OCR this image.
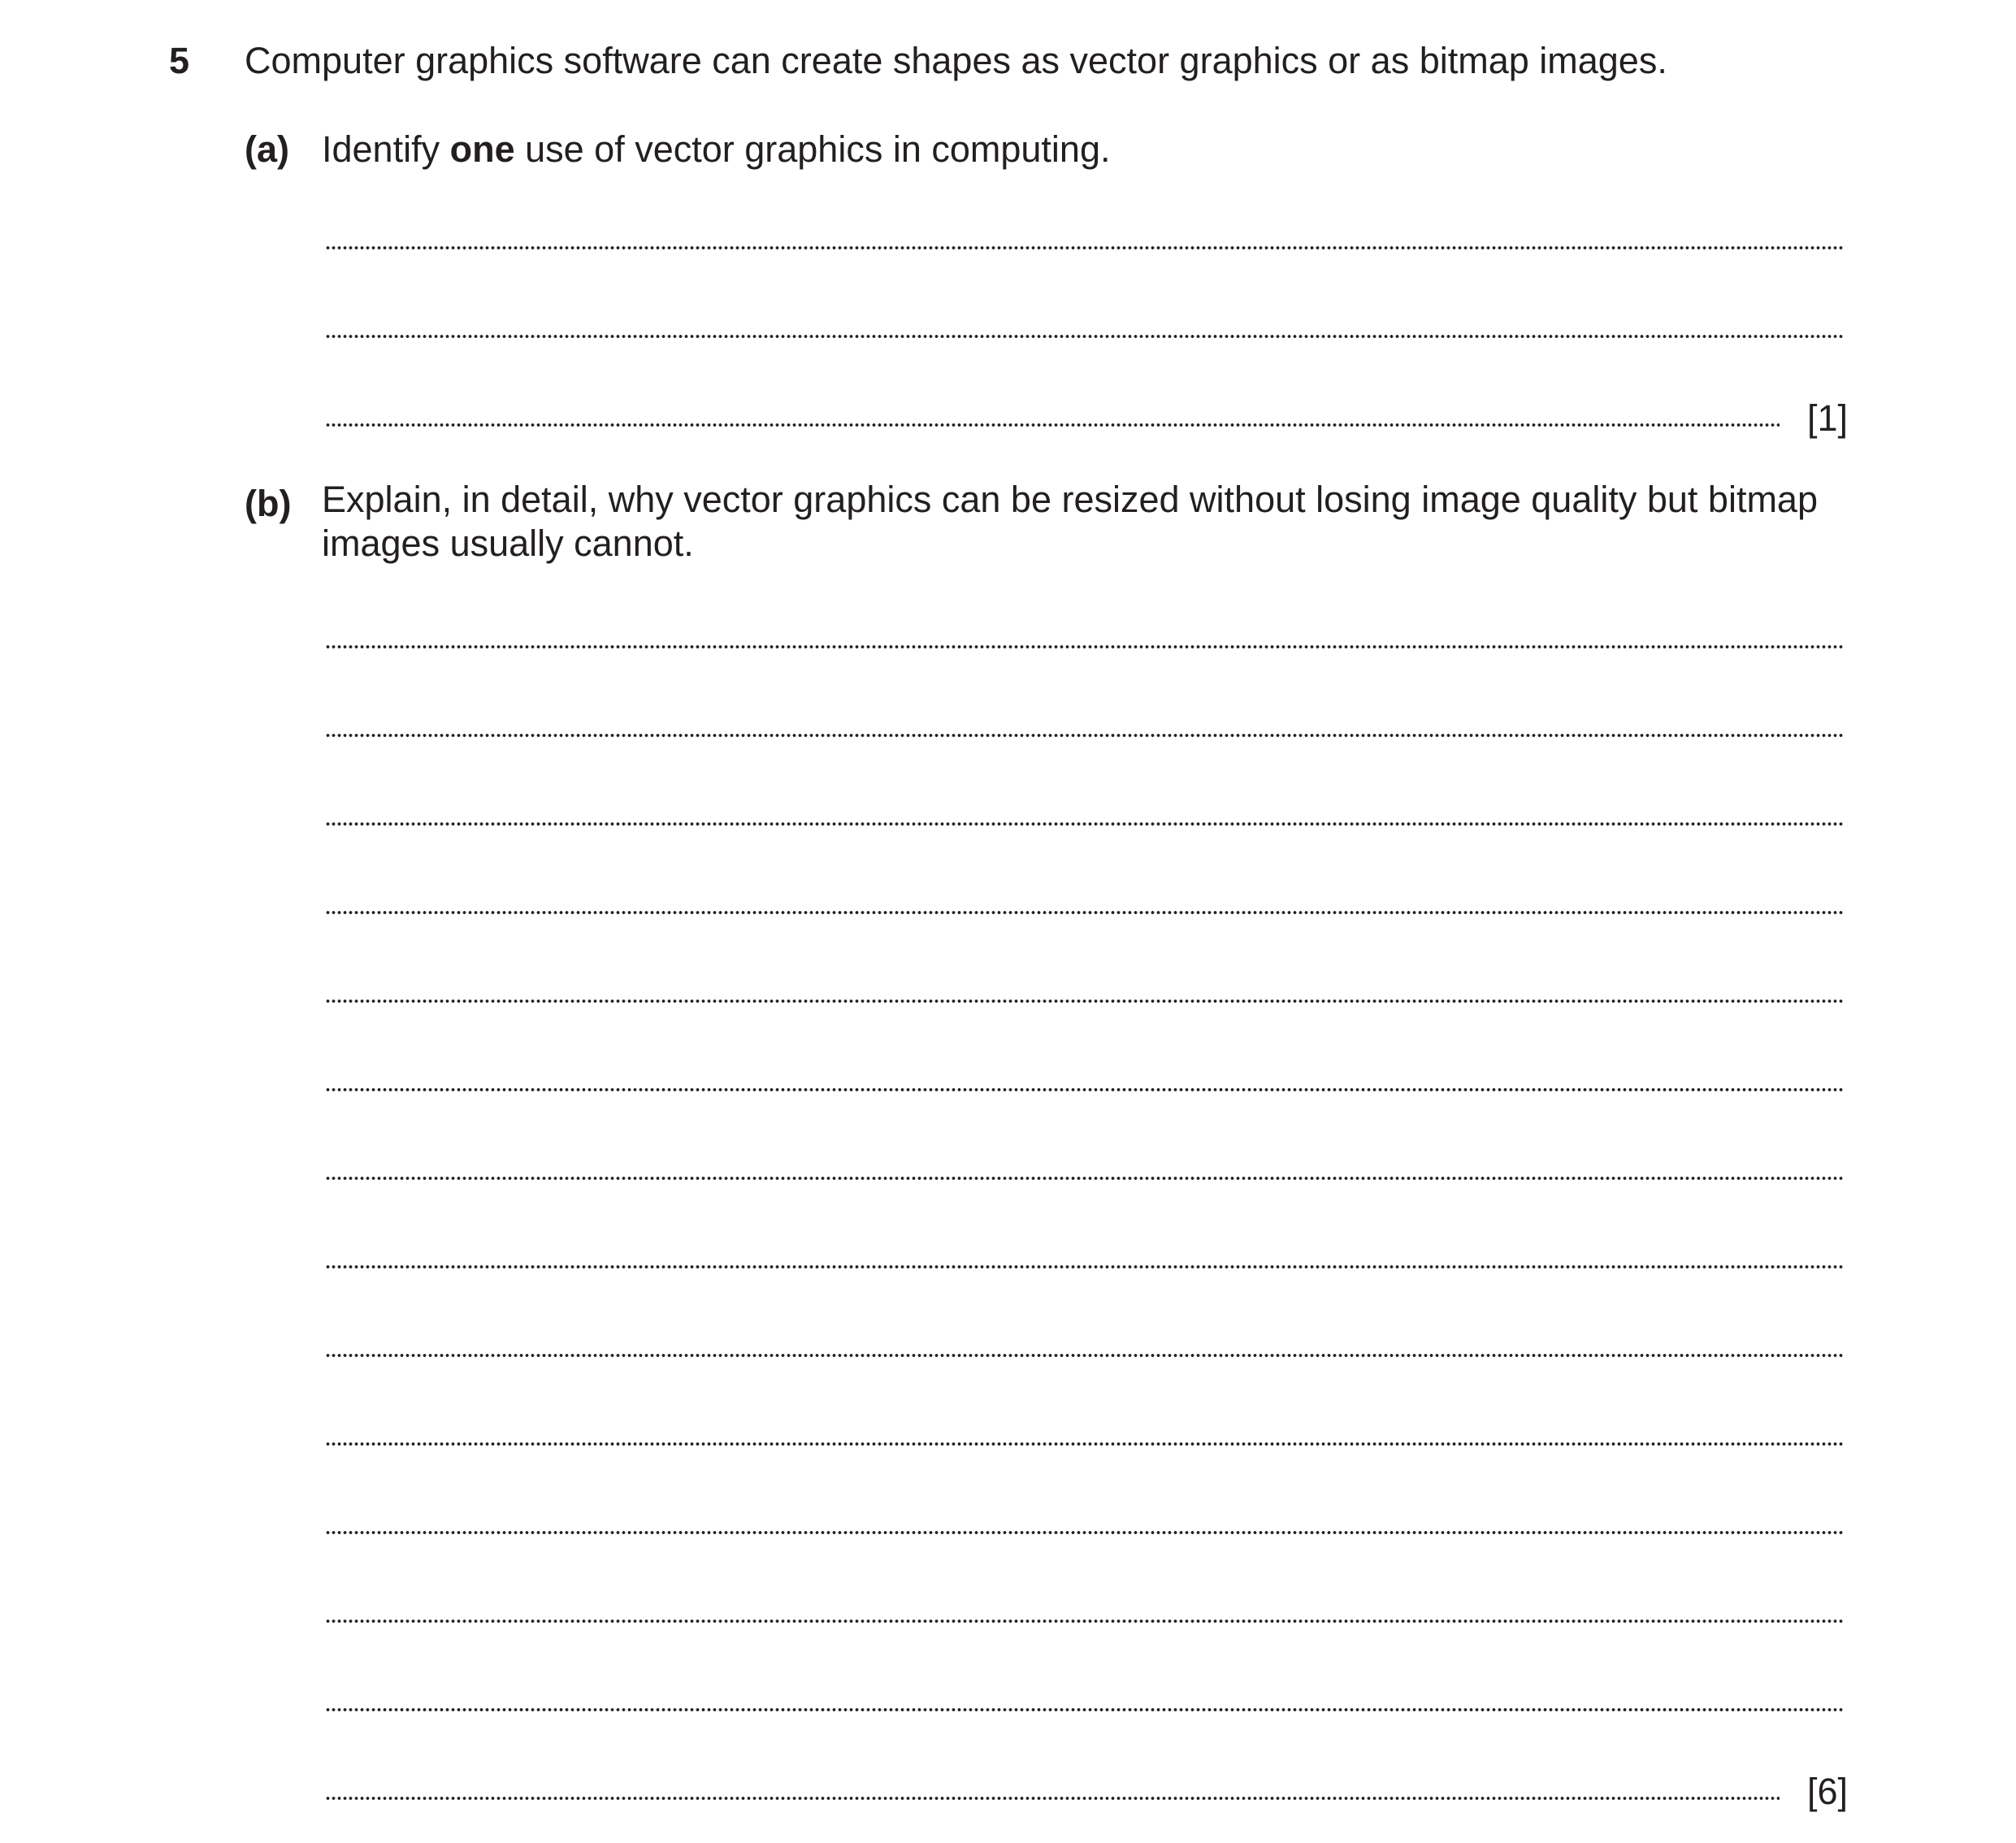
5 Computer graphics software can create shapes as vector graphics or as bitmap images.
(a) Identify one use of vector graphics in computing.
[1]
(b) Explain, in detail, why vector graphics can be resized without losing image quality but bitmap images usually cannot.
[6]
